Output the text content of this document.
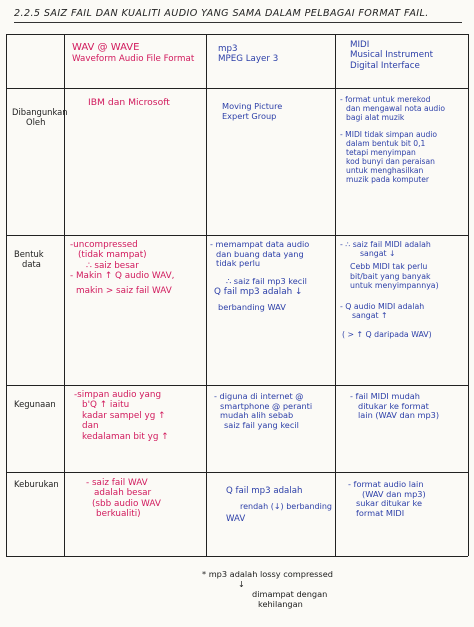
2.2.5 SAIZ FAIL DAN KUALITI AUDIO YANG SAMA DALAM PELBAGAI FORMAT FAIL.

WAV @ WAVE

Waveform Audio File Format

mp3

MPEG Layer 3

MIDI

Musical Instrument

Digital Interface

Dibangunkan

Oleh

IBM dan Microsoft	Moving Picture

Expert Group

- format untuk merekod

dan mengawal nota audio

bagi alat muzik

- MIDI tidak simpan audio

dalam bentuk bit 0,1

tetapi menyimpan

kod bunyi dan peraisan

untuk menghasilkan

muzik pada komputer

Bentuk

data

-uncompressed

(tidak mampat)

∴ saiz besar

- Makin ↑ Q audio WAV,

makin > saiz fail WAV

- memampat data audio

dan buang data yang

tidak perlu

∴ saiz fail mp3 kecil

Q fail mp3 adalah ↓

berbanding WAV

- ∴ saiz fail MIDI adalah

sangat ↓

Cebb MIDI tak perlu

bit/bait yang banyak

untuk menyimpannya)

- Q audio MIDI adalah

sangat ↑

( > ↑ Q daripada WAV)

Kegunaan

-simpan audio yang

b'Q ↑ iaitu

kadar sampel yg ↑

dan

kedalaman bit yg ↑

- diguna di internet @

smartphone @ peranti

mudah alih sebab

saiz fail yang kecil

- fail MIDI mudah

ditukar ke format

lain (WAV dan mp3)

Keburukan	- saiz fail WAV

adalah besar

(sbb audio WAV

berkualiti)

Q fail mp3 adalah

rendah (↓) berbanding

WAV

- format audio lain

(WAV dan mp3)

sukar ditukar ke

format MIDI

* mp3 adalah lossy compressed

↓

dimampat dengan

kehilangan
